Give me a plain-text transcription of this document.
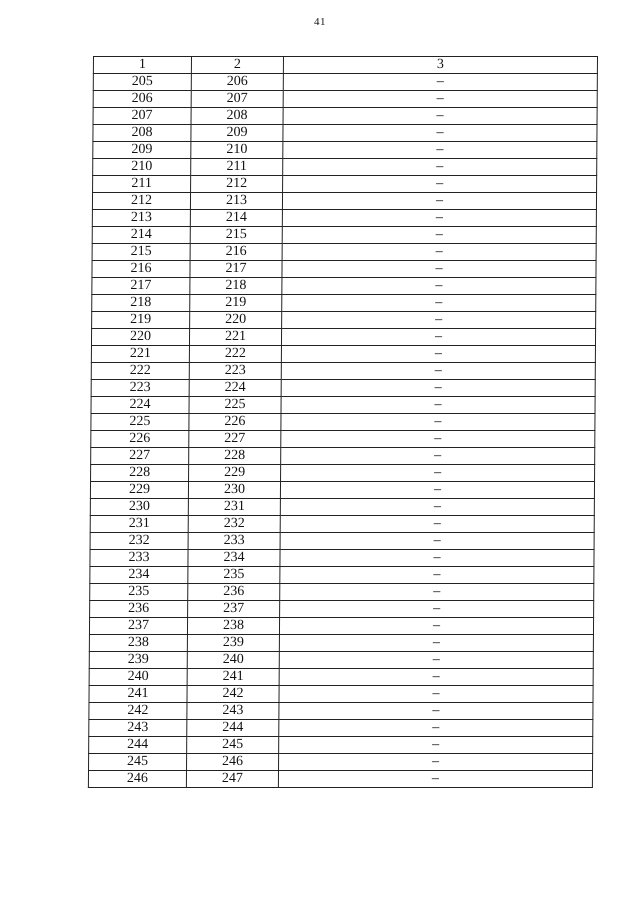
41
1	2	3
205	206	–
206	207	–
207	208	–
208	209	–
209	210	–
210	211	–
211	212	–
212	213	–
213	214	–
214	215	–
215	216	–
216	217	–
217	218	–
218	219	–
219	220	–
220	221	–
221	222	–
222	223	–
223	224	–
224	225	–
225	226	–
226	227	–
227	228	–
228	229	–
229	230	–
230	231	–
231	232	–
232	233	–
233	234	–
234	235	–
235	236	–
236	237	–
237	238	–
238	239	–
239	240	–
240	241	–
241	242	–
242	243	–
243	244	–
244	245	–
245	246	–
246	247	–
